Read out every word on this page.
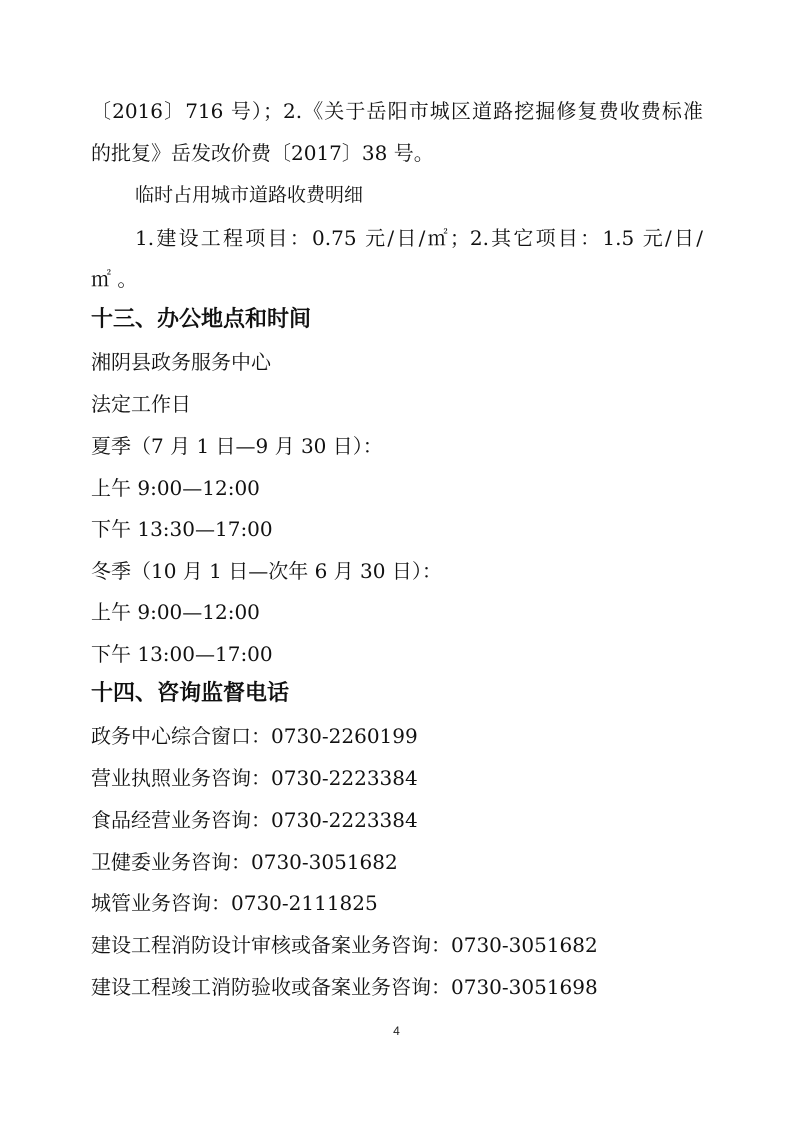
〔2016〕716 号）；2.《关于岳阳市城区道路挖掘修复费收费标准
的批复》岳发改价费〔2017〕38 号。
临时占用城市道路收费明细
1.建设工程项目：0.75 元/日/㎡；2.其它项目：1.5 元/日/
㎡ 。
十三、办公地点和时间
湘阴县政务服务中心
法定工作日
夏季（7 月 1 日—9 月 30 日）：
上午 9:00—12:00
下午 13:30—17:00
冬季（10 月 1 日—次年 6 月 30 日）：
上午 9:00—12:00
下午 13:00—17:00
十四、咨询监督电话
政务中心综合窗口：0730-2260199
营业执照业务咨询：0730-2223384
食品经营业务咨询：0730-2223384
卫健委业务咨询：0730-3051682
城管业务咨询：0730-2111825
建设工程消防设计审核或备案业务咨询：0730-3051682
建设工程竣工消防验收或备案业务咨询：0730-3051698
4
